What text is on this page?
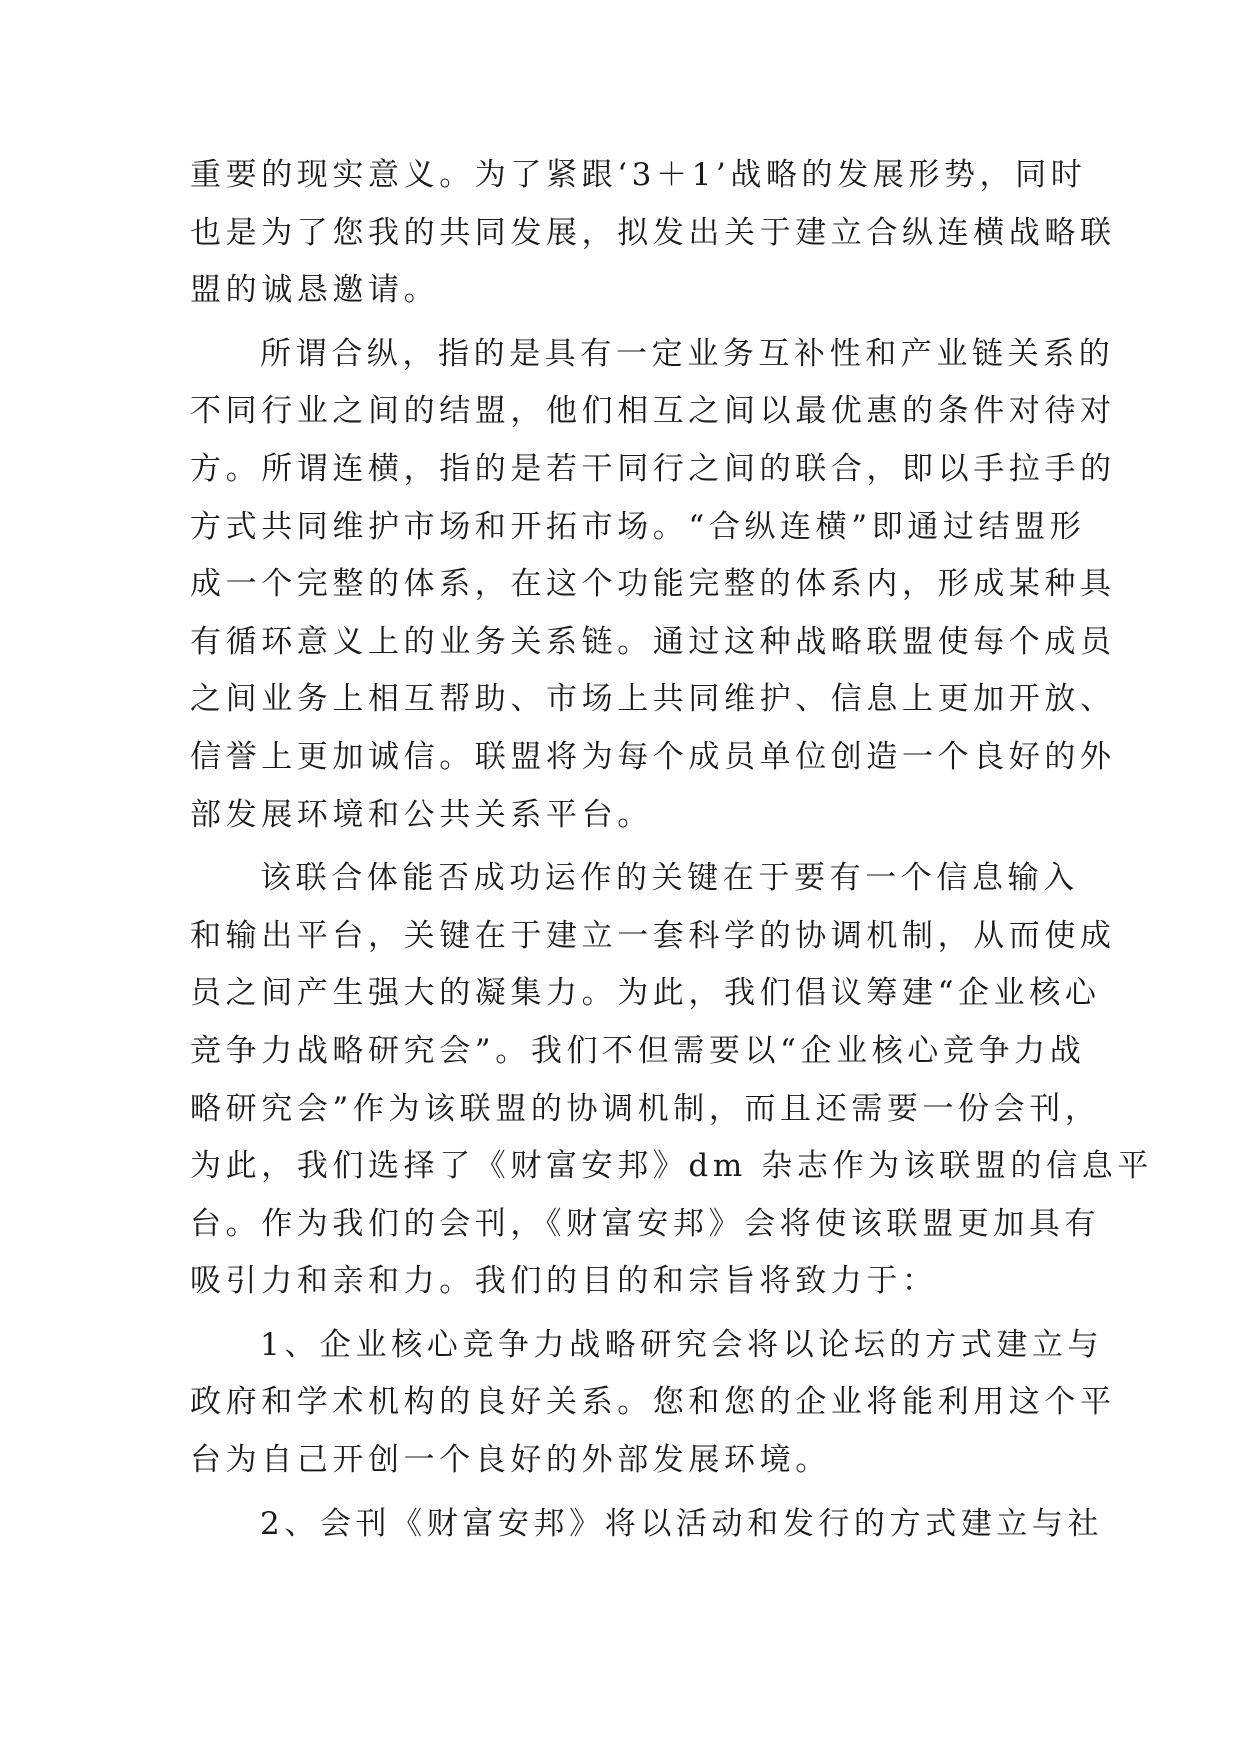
重要的现实意义。为了紧跟‘3＋1’战略的发展形势，同时
也是为了您我的共同发展，拟发出关于建立合纵连横战略联
盟的诚恳邀请。
所谓合纵，指的是具有一定业务互补性和产业链关系的
不同行业之间的结盟，他们相互之间以最优惠的条件对待对
方。所谓连横，指的是若干同行之间的联合，即以手拉手的
方式共同维护市场和开拓市场。“合纵连横”即通过结盟形
成一个完整的体系，在这个功能完整的体系内，形成某种具
有循环意义上的业务关系链。通过这种战略联盟使每个成员
之间业务上相互帮助、市场上共同维护、信息上更加开放、
信誉上更加诚信。联盟将为每个成员单位创造一个良好的外
部发展环境和公共关系平台。
该联合体能否成功运作的关键在于要有一个信息输入
和输出平台，关键在于建立一套科学的协调机制，从而使成
员之间产生强大的凝集力。为此，我们倡议筹建“企业核心
竞争力战略研究会”。我们不但需要以“企业核心竞争力战
略研究会”作为该联盟的协调机制，而且还需要一份会刊，
为此，我们选择了《财富安邦》dm 杂志作为该联盟的信息平
台。作为我们的会刊，《财富安邦》会将使该联盟更加具有
吸引力和亲和力。我们的目的和宗旨将致力于：
1、企业核心竞争力战略研究会将以论坛的方式建立与
政府和学术机构的良好关系。您和您的企业将能利用这个平
台为自己开创一个良好的外部发展环境。
2、会刊《财富安邦》将以活动和发行的方式建立与社
